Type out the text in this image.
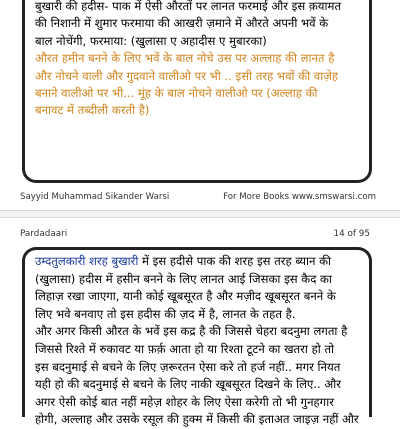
बुखारी की हदीस- पाक में ऐसी औरतों पर लानत फरमाई और इस क़यामत

की निशानी में शुमार फरमाया की आखरी ज़माने में औरते अपनी भवें के

बाल नोचेंगी, फरमाया: (खुलासा ए अहादीस ए मुबारका)

औरत हमीन बनने के लिए भवें के बाल नोचे उस पर अल्लाह की लानत है

और नोचने वाली और गुदवाने वालीओ पर भी .. इसी तरह भवों की वाज़ेह

बनाने वालीओ पर भी... मूंह के बाल नोचने वालीओ पर (अल्लाह की

बनावट में तब्दीली करती है)

Sayyid Muhammad Sikander Warsi	For More Books www.smswarsi.com
Pardadaari	14 of 95

उम्दतुलकारी शरह बुखारी में इस हदीसे पाक की शरह इस तरह ब्यान की

(खुलासा) हदीस में हसीन बनने के लिए लानत आई जिसका इस कैद का

लिहाज़ रखा जाएगा, यानी कोई खूबसूरत है और मज़ीद खूबसूरत बनने के

लिए भवे बनवाए तो इस हदीस की ज़द में है, लानत के तहत है.

और अगर किसी औरत के भवें इस कद्र है की जिससे चेहरा बदनुमा लगता है

जिससे रिश्ते में रुकावट या फ़र्क़ आता हो या रिश्ता टूटने का खतरा हो तो

इस बदनुमाई से बचने के लिए ज़रूरतन ऐसा करे तो हर्ज नहीं.. मगर नियत

यही हो की बदनुमाई से बचने के लिए नाकी खूबसूरत दिखने के लिए.. और

अगर ऐसी कोई बात नहीं महेज़ शोहर के लिए ऐसा करेगी तो भी गुनहगार

होगी, अल्लाह और उसके रसूल की हुक्म में किसी की इताअत जाइज़ नहीं और
